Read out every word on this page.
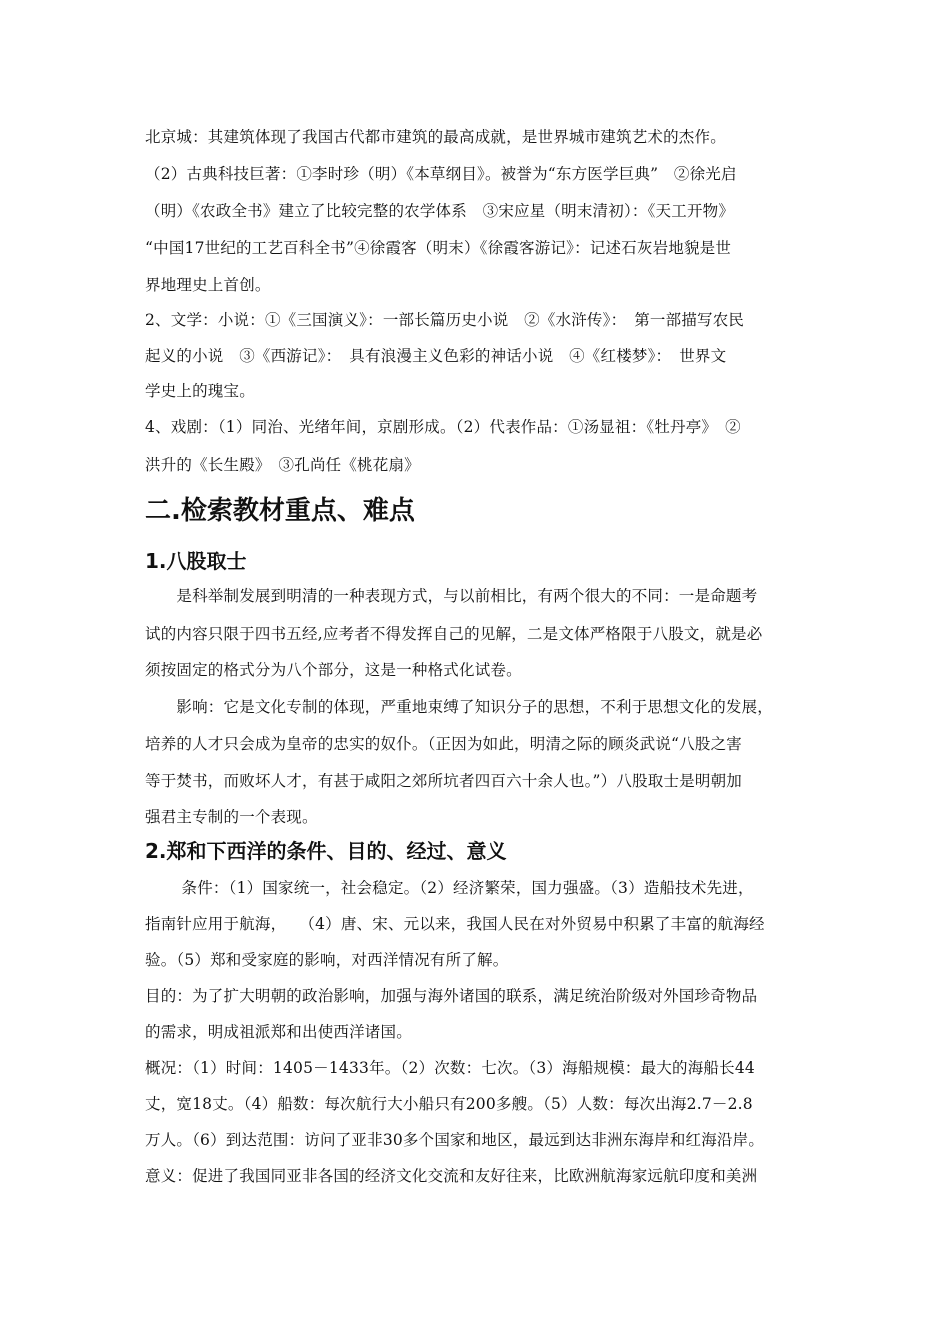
北京城：其建筑体现了我国古代都市建筑的最高成就，是世界城市建筑艺术的杰作。
（2）古典科技巨著：①李时珍（明）《本草纲目》。被誉为“东方医学巨典”　②徐光启
（明）《农政全书》建立了比较完整的农学体系　③宋应星（明末清初）：《天工开物》
“中国17世纪的工艺百科全书”④徐霞客（明末）《徐霞客游记》：记述石灰岩地貌是世
界地理史上首创。
2、文学：小说：①《三国演义》：一部长篇历史小说　②《水浒传》：　第一部描写农民
起义的小说　③《西游记》：　具有浪漫主义色彩的神话小说　④《红楼梦》：　世界文
学史上的瑰宝。
4、戏剧：（1）同治、光绪年间，京剧形成。（2）代表作品：①汤显祖：《牡丹亭》　②
洪升的《长生殿》　③孔尚任《桃花扇》
二.检索教材重点、难点
1.八股取士
　　是科举制发展到明清的一种表现方式，与以前相比，有两个很大的不同：一是命题考
试的内容只限于四书五经,应考者不得发挥自己的见解，二是文体严格限于八股文，就是必
须按固定的格式分为八个部分，这是一种格式化试卷。
　　影响：它是文化专制的体现，严重地束缚了知识分子的思想，不利于思想文化的发展，
培养的人才只会成为皇帝的忠实的奴仆。（正因为如此，明清之际的顾炎武说“八股之害
等于焚书，而败坏人才，有甚于咸阳之郊所坑者四百六十余人也。”）八股取士是明朝加
强君主专制的一个表现。
2.郑和下西洋的条件、目的、经过、意义
　　 条件：（1）国家统一，社会稳定。（2）经济繁荣，国力强盛。（3）造船技术先进，
指南针应用于航海，　 （4）唐、宋、元以来，我国人民在对外贸易中积累了丰富的航海经
验。（5）郑和受家庭的影响，对西洋情况有所了解。
目的：为了扩大明朝的政治影响，加强与海外诸国的联系，满足统治阶级对外国珍奇物品
的需求，明成祖派郑和出使西洋诸国。
概况：（1）时间：1405－1433年。（2）次数：七次。（3）海船规模：最大的海船长44
丈，宽18丈。（4）船数：每次航行大小船只有200多艘。（5）人数：每次出海2.7－2.8
万人。（6）到达范围：访问了亚非30多个国家和地区，最远到达非洲东海岸和红海沿岸。
意义：促进了我国同亚非各国的经济文化交流和友好往来，比欧洲航海家远航印度和美洲
